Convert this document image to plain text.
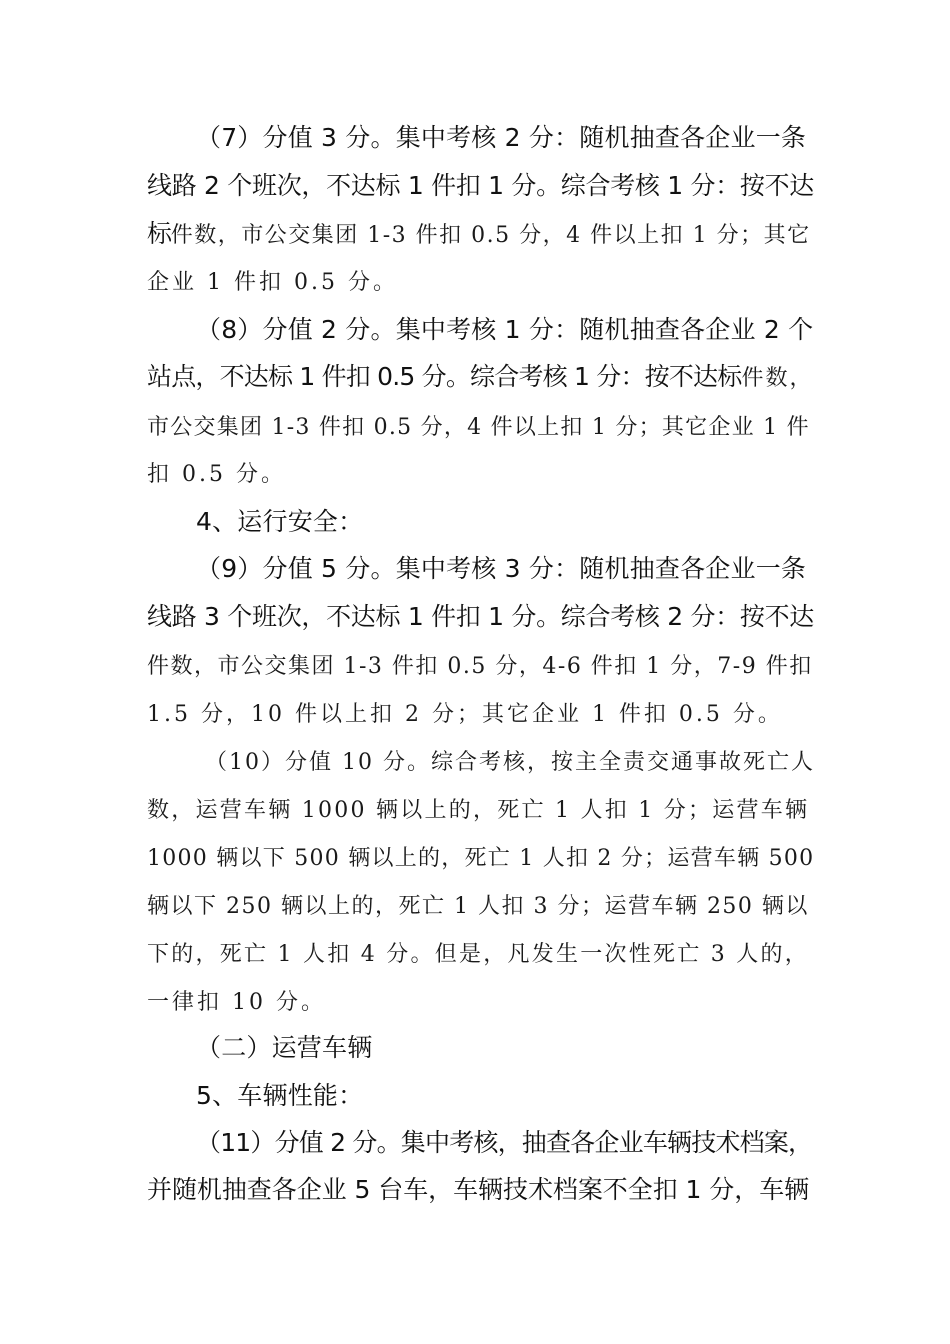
（7）分值 3 分。集中考核 2 分：随机抽查各企业一条
线路 2 个班次，不达标 1 件扣 1 分。综合考核 1 分：按不达
标件数，市公交集团 1-3 件扣 0.5 分，4 件以上扣 1 分；其它
企业 1 件扣 0.5 分。
（8）分值 2 分。集中考核 1 分：随机抽查各企业 2 个
站点，不达标 1 件扣 0.5 分。综合考核 1 分：按不达标件数，
市公交集团 1-3 件扣 0.5 分，4 件以上扣 1 分；其它企业 1 件
扣 0.5 分。
4、运行安全：
（9）分值 5 分。集中考核 3 分：随机抽查各企业一条
线路 3 个班次，不达标 1 件扣 1 分。综合考核 2 分：按不达
件数，市公交集团 1-3 件扣 0.5 分，4-6 件扣 1 分，7-9 件扣
1.5 分，10 件以上扣 2 分；其它企业 1 件扣 0.5 分。
（10）分值 10 分。综合考核，按主全责交通事故死亡人
数，运营车辆 1000 辆以上的，死亡 1 人扣 1 分；运营车辆
1000 辆以下 500 辆以上的，死亡 1 人扣 2 分；运营车辆 500
辆以下 250 辆以上的，死亡 1 人扣 3 分；运营车辆 250 辆以
下的，死亡 1 人扣 4 分。但是，凡发生一次性死亡 3 人的，
一律扣 10 分。
（二）运营车辆
5、车辆性能：
（11）分值 2 分。集中考核，抽查各企业车辆技术档案，
并随机抽查各企业 5 台车，车辆技术档案不全扣 1 分，车辆
